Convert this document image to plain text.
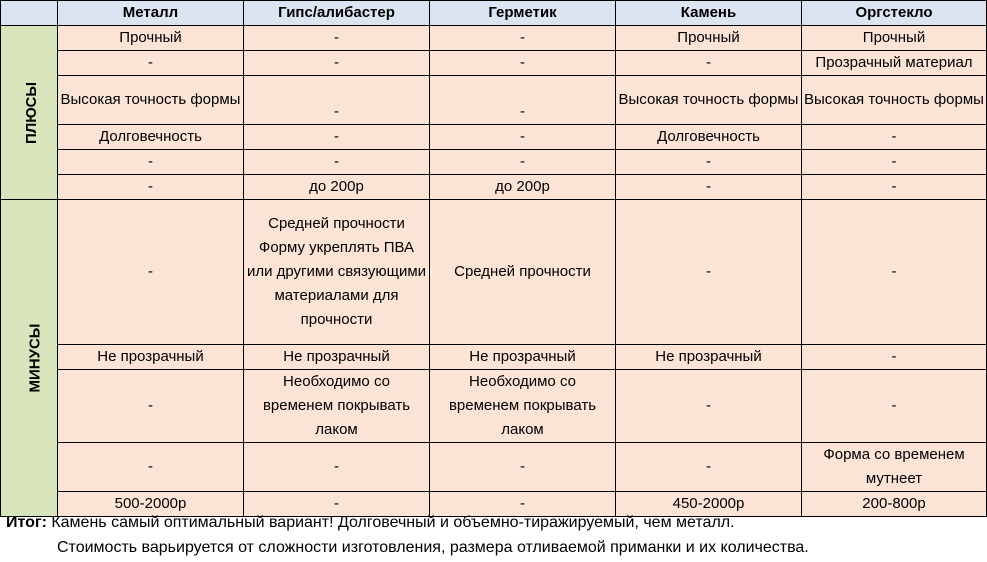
	Металл	Гипс/алибастер	Герметик	Камень	Оргстекло
ПЛЮСЫ	Прочный	-	-	Прочный	Прочный
	-	-	-	-	Прозрачный материал
	Высокая точность формы	-	-	Высокая точность формы	Высокая точность формы
	Долговечность	-	-	Долговечность	-
	-	-	-	-	-
	-	до 200р	до 200р	-	-
МИНУСЫ	-	Средней прочности Форму укреплять ПВА или другими связующими материалами для прочности	Средней прочности	-	-
	Не прозрачный	Не прозрачный	Не прозрачный	Не прозрачный	-
	-	Необходимо со временем покрывать лаком	Необходимо со временем покрывать лаком	-	-
	-	-	-	-	Форма со временем мутнеет
	500-2000р	-	-	450-2000р	200-800р
Итог: Камень самый оптимальный вариант! Долговечный и объемно-тиражируемый, чем металл.
Стоимость варьируется от сложности изготовления, размера отливаемой приманки и их количества.
